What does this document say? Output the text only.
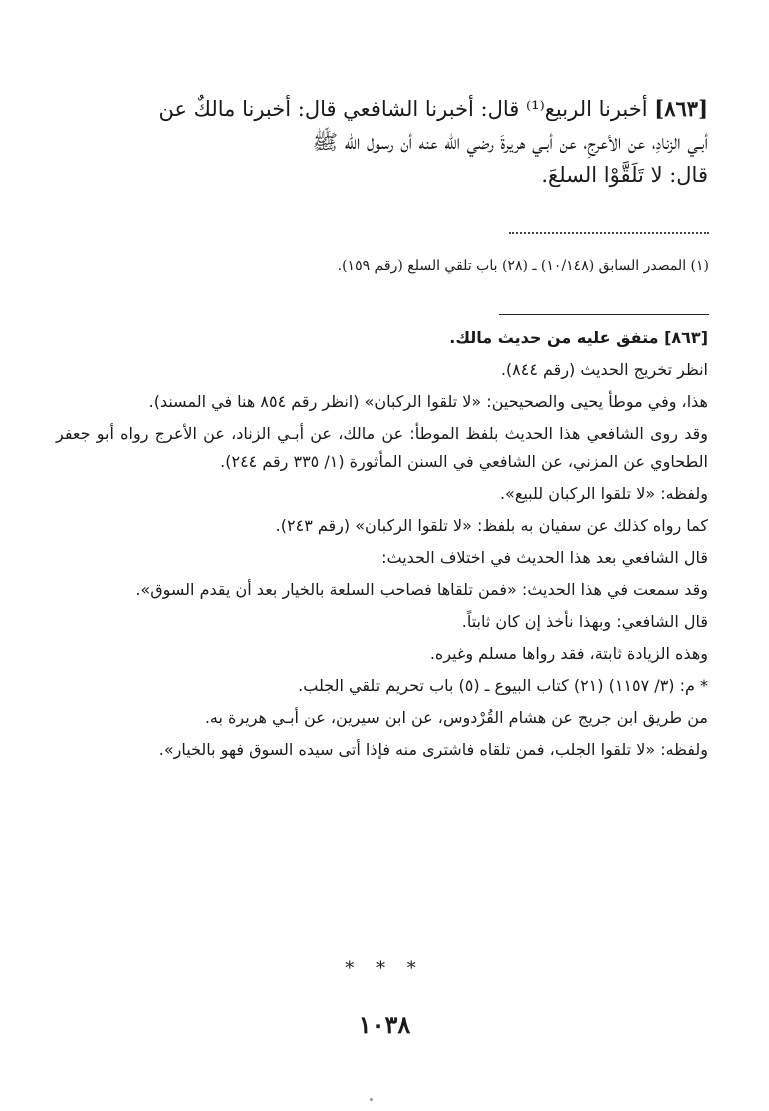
[٨٦٣] أخبرنا الربيع⁽¹⁾ قال: أخبرنا الشافعي قال: أخبرنا مالكٌ عن
أبـي الزنادِ، عن الأعرجِ، عن أبـي هريرةَ رضي الله عنه أن رسول الله ﷺ
قال: لا تَلَقَّوْا السلعَ.
(١) المصدر السابق (١٠/١٤٨) ـ (٢٨) باب تلقي السلع (رقم ١٥٩).

[٨٦٣] متفق عليه من حديث مالك.

انظر تخريج الحديث (رقم ٨٤٤).

هذا، وفي موطأ يحيى والصحيحين: «لا تلقوا الركبان» (انظر رقم ٨٥٤ هنا في المسند).

وقد روى الشافعي هذا الحديث بلفظ الموطأ: عن مالك، عن أبـي الزناد، عن الأعرج رواه أبو جعفر الطحاوي عن المزني، عن الشافعي في السنن المأثورة (١/ ٣٣٥ رقم ٢٤٤).

ولفظه: «لا تلقوا الركبان للبيع».

كما رواه كذلك عن سفيان به بلفظ: «لا تلقوا الركبان» (رقم ٢٤٣).

قال الشافعي بعد هذا الحديث في اختلاف الحديث:

وقد سمعت في هذا الحديث: «فمن تلقاها فصاحب السلعة بالخيار بعد أن يقدم السوق».

قال الشافعي: وبهذا نأخذ إن كان ثابتاً.

وهذه الزيادة ثابتة، فقد رواها مسلم وغيره.

* م: (٣/ ١١٥٧) (٢١) كتاب البيوع ـ (٥) باب تحريم تلقي الجلب.

من طريق ابن جريج عن هشام القُرْدوس، عن ابن سيرين، عن أبـي هريرة به.

ولفظه: «لا تلقوا الجلب، فمن تلقاه فاشترى منه فإذا أتى سيده السوق فهو بالخيار».

* * *
١٠٣٨
